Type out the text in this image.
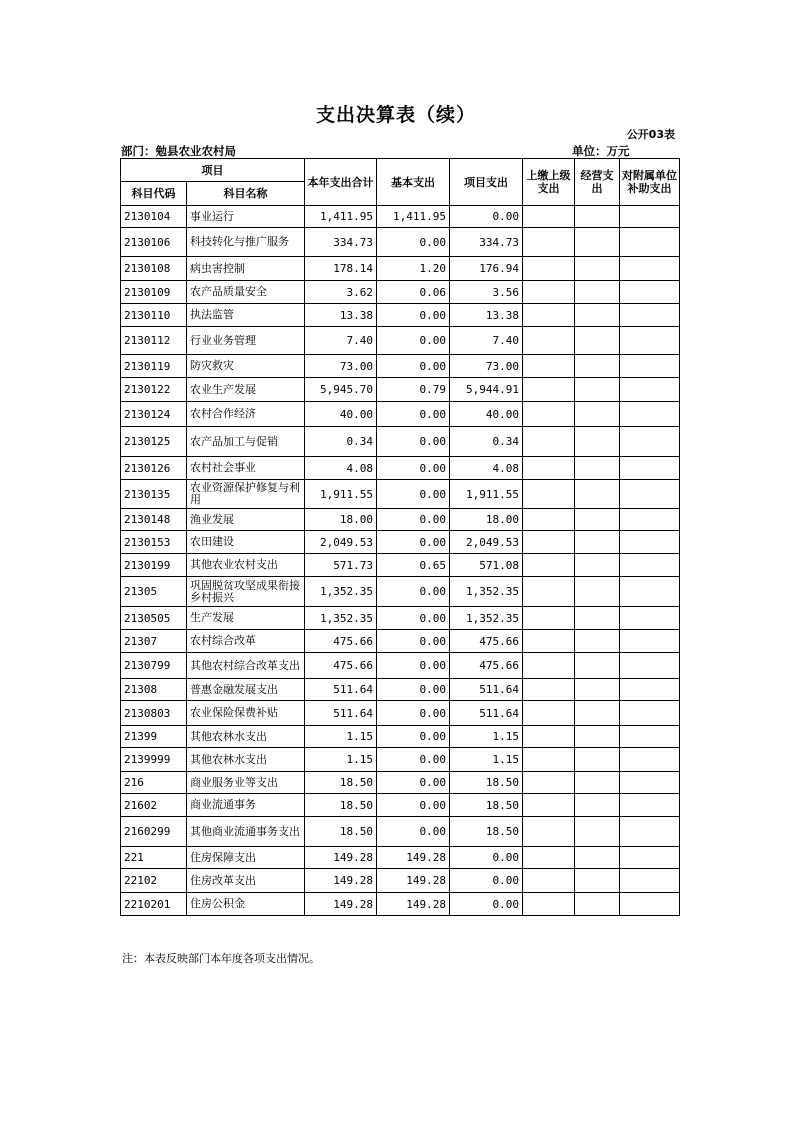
支出决算表（续）
公开03表
部门：勉县农业农村局	单位：万元
项目		本年支出合计	基本支出	项目支出	上缴上级支出	经营支出	对附属单位补助支出
科目代码	科目名称						
2130104	事业运行	1,411.95	1,411.95	0.00			
2130106	科技转化与推广服务	334.73	0.00	334.73			
2130108	病虫害控制	178.14	1.20	176.94			
2130109	农产品质量安全	3.62	0.06	3.56			
2130110	执法监管	13.38	0.00	13.38			
2130112	行业业务管理	7.40	0.00	7.40			
2130119	防灾救灾	73.00	0.00	73.00			
2130122	农业生产发展	5,945.70	0.79	5,944.91			
2130124	农村合作经济	40.00	0.00	40.00			
2130125	农产品加工与促销	0.34	0.00	0.34			
2130126	农村社会事业	4.08	0.00	4.08			
2130135	农业资源保护修复与利用	1,911.55	0.00	1,911.55			
2130148	渔业发展	18.00	0.00	18.00			
2130153	农田建设	2,049.53	0.00	2,049.53			
2130199	其他农业农村支出	571.73	0.65	571.08			
21305	巩固脱贫攻坚成果衔接乡村振兴	1,352.35	0.00	1,352.35			
2130505	生产发展	1,352.35	0.00	1,352.35			
21307	农村综合改革	475.66	0.00	475.66			
2130799	其他农村综合改革支出	475.66	0.00	475.66			
21308	普惠金融发展支出	511.64	0.00	511.64			
2130803	农业保险保费补贴	511.64	0.00	511.64			
21399	其他农林水支出	1.15	0.00	1.15			
2139999	其他农林水支出	1.15	0.00	1.15			
216	商业服务业等支出	18.50	0.00	18.50			
21602	商业流通事务	18.50	0.00	18.50			
2160299	其他商业流通事务支出	18.50	0.00	18.50			
221	住房保障支出	149.28	149.28	0.00			
22102	住房改革支出	149.28	149.28	0.00			
2210201	住房公积金	149.28	149.28	0.00			
注：本表反映部门本年度各项支出情况。
